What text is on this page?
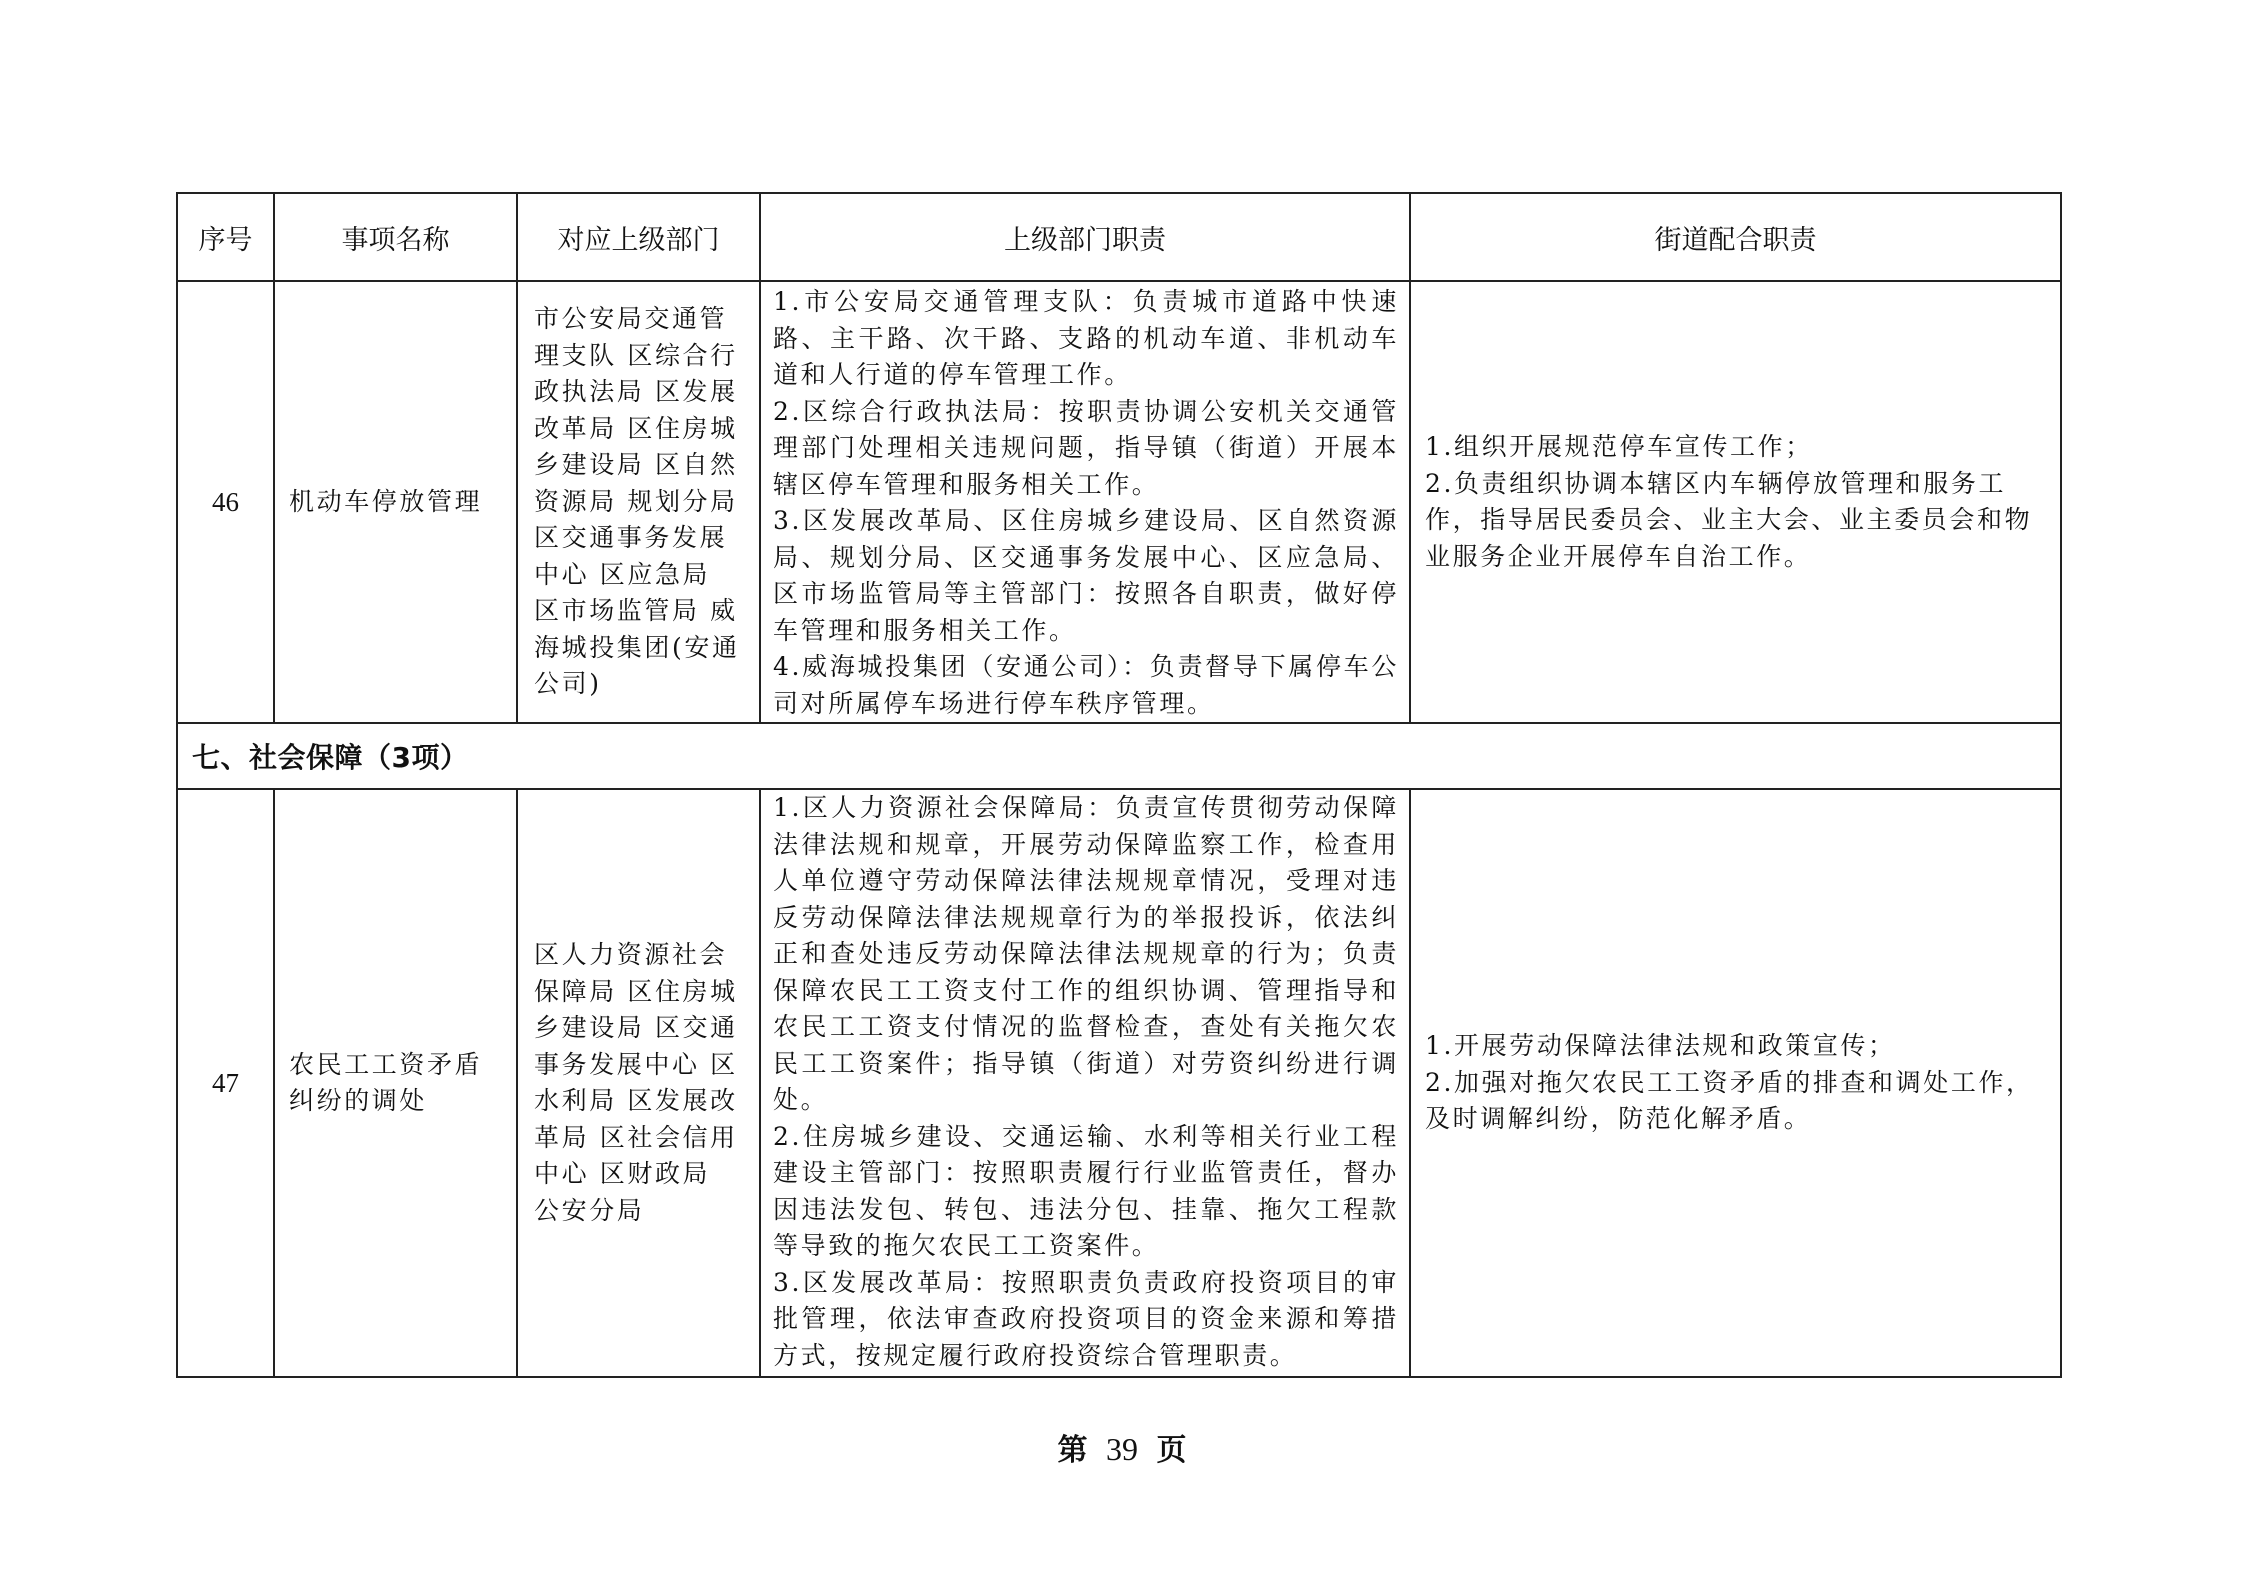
序号	事项名称	对应上级部门	上级部门职责	街道配合职责
46	机动车停放管理	市公安局交通管理支队 区综合行政执法局 区发展改革局 区住房城乡建设局 区自然资源局 规划分局 区交通事务发展中心 区应急局 区市场监管局 威海城投集团(安通公司)	1.市公安局交通管理支队：负责城市道路中快速路、主干路、次干路、支路的机动车道、非机动车道和人行道的停车管理工作。
2.区综合行政执法局：按职责协调公安机关交通管理部门处理相关违规问题，指导镇（街道）开展本辖区停车管理和服务相关工作。
3.区发展改革局、区住房城乡建设局、区自然资源局、规划分局、区交通事务发展中心、区应急局、区市场监管局等主管部门：按照各自职责，做好停车管理和服务相关工作。
4.威海城投集团（安通公司）：负责督导下属停车公司对所属停车场进行停车秩序管理。	1.组织开展规范停车宣传工作；
2.负责组织协调本辖区内车辆停放管理和服务工作，指导居民委员会、业主大会、业主委员会和物业服务企业开展停车自治工作。

七、社会保障（3项）				
47	农民工工资矛盾纠纷的调处	区人力资源社会保障局 区住房城乡建设局 区交通事务发展中心 区水利局 区发展改革局 区社会信用中心 区财政局 公安分局	1.区人力资源社会保障局：负责宣传贯彻劳动保障法律法规和规章，开展劳动保障监察工作，检查用人单位遵守劳动保障法律法规规章情况，受理对违反劳动保障法律法规规章行为的举报投诉，依法纠正和查处违反劳动保障法律法规规章的行为；负责保障农民工工资支付工作的组织协调、管理指导和农民工工资支付情况的监督检查，查处有关拖欠农民工工资案件；指导镇（街道）对劳资纠纷进行调处。
2.住房城乡建设、交通运输、水利等相关行业工程建设主管部门：按照职责履行行业监管责任，督办因违法发包、转包、违法分包、挂靠、拖欠工程款等导致的拖欠农民工工资案件。
3.区发展改革局：按照职责负责政府投资项目的审批管理，依法审查政府投资项目的资金来源和筹措方式，按规定履行政府投资综合管理职责。	1.开展劳动保障法律法规和政策宣传；
2.加强对拖欠农民工工资矛盾的排查和调处工作，及时调解纠纷，防范化解矛盾。
第 39 页
